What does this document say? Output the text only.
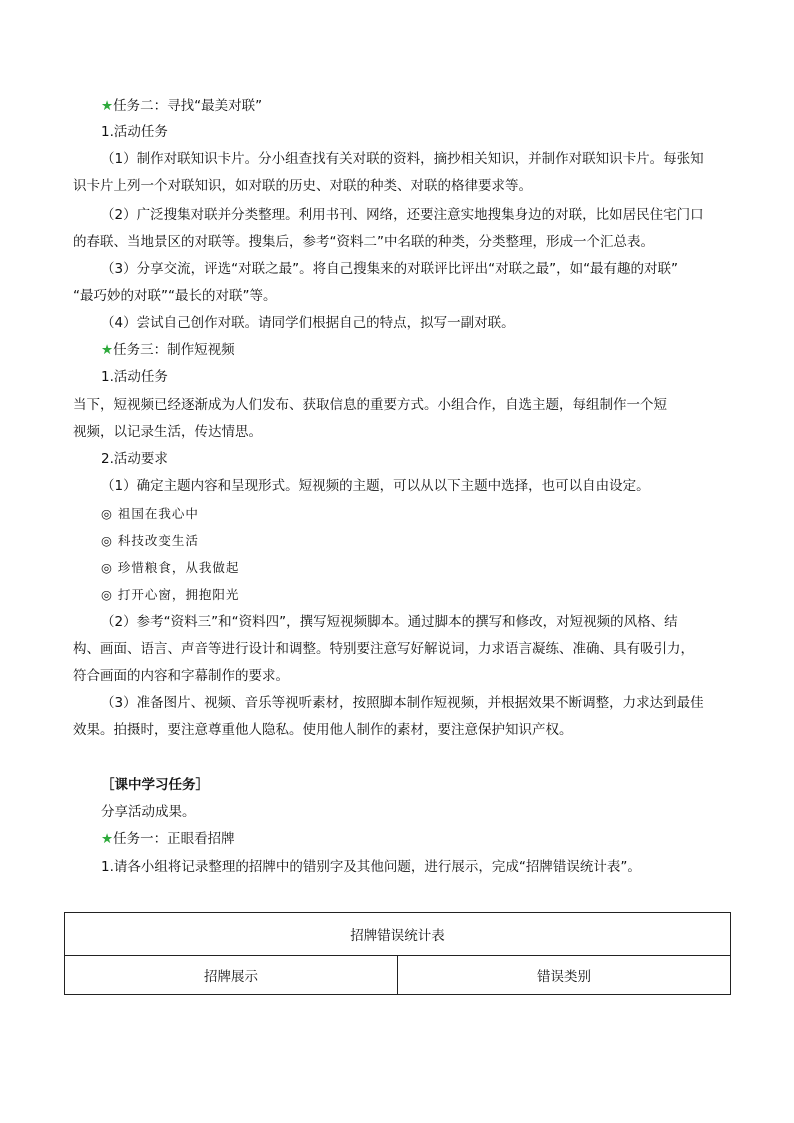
★任务二：寻找“最美对联”
1.活动任务
（1）制作对联知识卡片。分小组查找有关对联的资料，摘抄相关知识，并制作对联知识卡片。每张知
识卡片上列一个对联知识，如对联的历史、对联的种类、对联的格律要求等。
（2）广泛搜集对联并分类整理。利用书刊、网络，还要注意实地搜集身边的对联，比如居民住宅门口
的春联、当地景区的对联等。搜集后，参考“资料二”中名联的种类，分类整理，形成一个汇总表。
（3）分享交流，评选“对联之最”。将自己搜集来的对联评比评出“对联之最”，如“最有趣的对联”
“最巧妙的对联”“最长的对联”等。
（4）尝试自己创作对联。请同学们根据自己的特点，拟写一副对联。
★任务三：制作短视频
1.活动任务
当下，短视频已经逐渐成为人们发布、获取信息的重要方式。小组合作，自选主题，每组制作一个短
视频，以记录生活，传达情思。
2.活动要求
（1）确定主题内容和呈现形式。短视频的主题，可以从以下主题中选择，也可以自由设定。
◎ 祖国在我心中
◎ 科技改变生活
◎ 珍惜粮食，从我做起
◎ 打开心窗，拥抱阳光
（2）参考“资料三”和“资料四”，撰写短视频脚本。通过脚本的撰写和修改，对短视频的风格、结
构、画面、语言、声音等进行设计和调整。特别要注意写好解说词，力求语言凝练、准确、具有吸引力，
符合画面的内容和字幕制作的要求。
（3）准备图片、视频、音乐等视听素材，按照脚本制作短视频，并根据效果不断调整，力求达到最佳
效果。拍摄时，要注意尊重他人隐私。使用他人制作的素材，要注意保护知识产权。
［课中学习任务］
分享活动成果。
★任务一：正眼看招牌
1.请各小组将记录整理的招牌中的错别字及其他问题，进行展示，完成“招牌错误统计表”。
招牌错误统计表
招牌展示	错误类别
